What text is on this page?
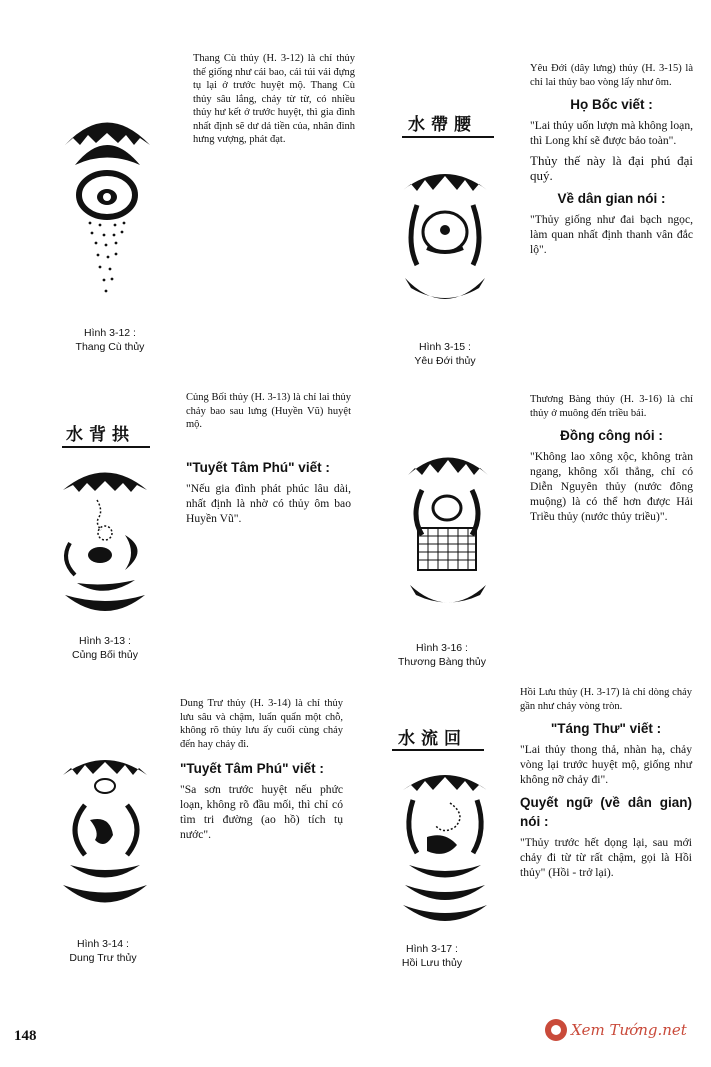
Hình 3-12 :
Thang Cù thủy
Thang Cù thủy (H. 3-12) là chỉ thủy thế giống như cái bao, cái túi vải đựng tụ lại ở trước huyệt mộ. Thang Cù thủy sâu lắng, chảy từ từ, có nhiều thủy hư kết ở trước huyệt, thì gia đình nhất định sẽ dư dả tiền của, nhân đinh hưng vượng, phát đạt.
水背拱
Hình 3-13 :
Củng Bối thủy
Củng Bối thủy (H. 3-13) là chỉ lai thủy chảy bao sau lưng (Huyền Vũ) huyệt mộ.
"Tuyết Tâm Phú" viết :
"Nếu gia đình phát phúc lâu dài, nhất định là nhờ có thủy ôm bao Huyền Vũ".
Hình 3-14 :
Dung Trư thủy
Dung Trư thủy (H. 3-14) là chỉ thủy lưu sâu và chậm, luẩn quẩn một chỗ, không rõ thủy lưu ấy cuối cùng chảy đến hay chảy đi.
"Tuyết Tâm Phú" viết :
"Sa sơn trước huyệt nếu phức loạn, không rõ đầu mối, thì chỉ có tìm tri đường (ao hồ) tích tụ nước".
水帶腰
Hình 3-15 :
Yêu Đới thủy
Yêu Đới (dây lưng) thủy (H. 3-15) là chỉ lai thủy bao vòng lấy như ôm.
Họ Bốc viết :
"Lai thủy uốn lượn mà không loạn, thì Long khí sẽ được bảo toàn".
Thủy thế này là đại phú đại quý.
Về dân gian nói :
"Thủy giống như đai bạch ngọc, làm quan nhất định thanh vân đắc lộ".
Hình 3-16 :
Thương Bàng thủy
Thương Bàng thủy (H. 3-16) là chỉ thủy ở muông đến triều bái.
Đồng công nói :
"Không lao xông xộc, không tràn ngang, không xối thẳng, chỉ có Diễn Nguyên thủy (nước đông muộng) là có thể hơn được Hải Triều thủy (nước thủy triều)".
水流回
Hình 3-17 :
Hồi Lưu thủy
Hồi Lưu thủy (H. 3-17) là chỉ dòng chảy gần như chảy vòng tròn.
"Táng Thư" viết :
"Lai thủy thong thả, nhàn hạ, chảy vòng lại trước huyệt mộ, giống như không nỡ chảy đi".
Quyết ngữ (về dân gian) nói :
"Thủy trước hết dọng lại, sau mới chảy đi từ từ rất chậm, gọi là Hồi thủy" (Hồi - trở lại).
148	Xem Tướng.net
